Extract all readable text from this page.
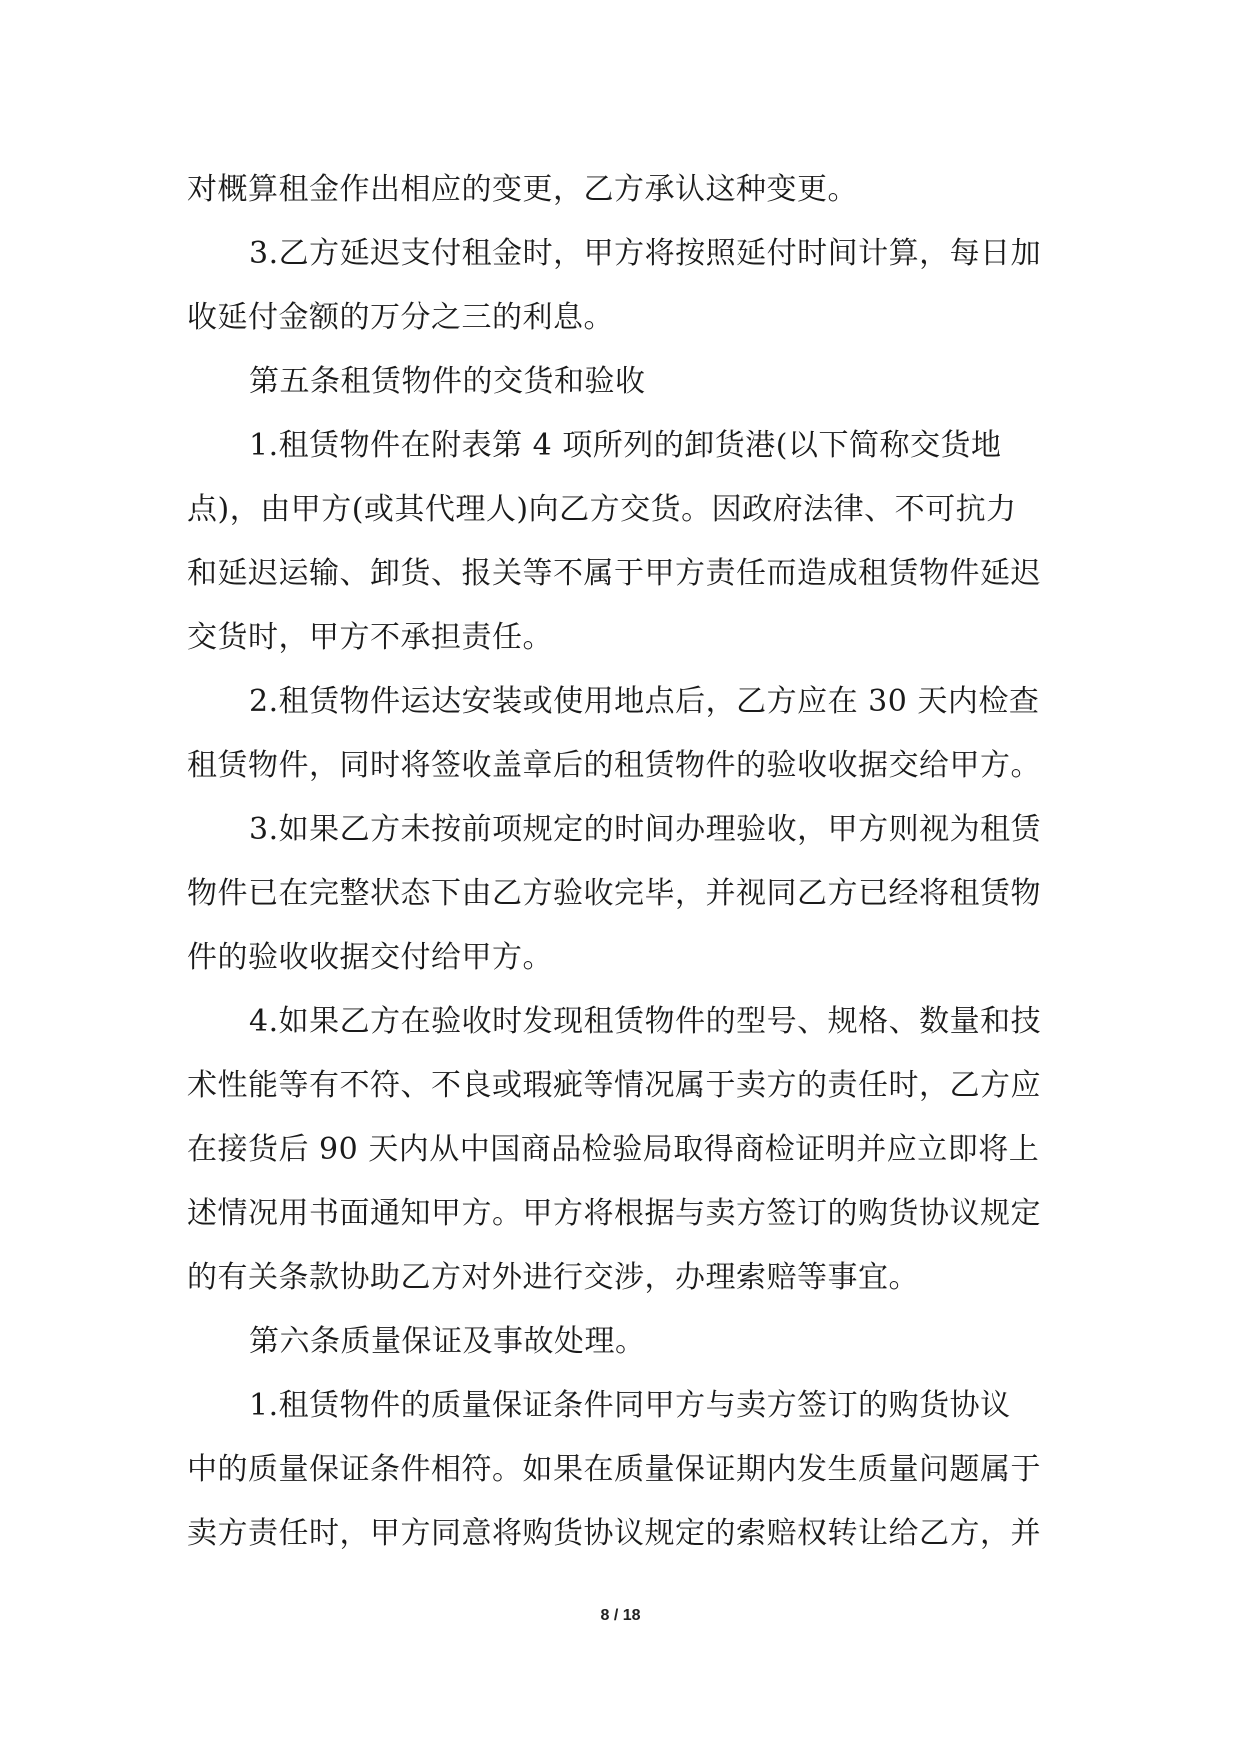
对概算租金作出相应的变更，乙方承认这种变更。
3.乙方延迟支付租金时，甲方将按照延付时间计算，每日加
收延付金额的万分之三的利息。
第五条租赁物件的交货和验收
1.租赁物件在附表第 4 项所列的卸货港(以下简称交货地
点)，由甲方(或其代理人)向乙方交货。因政府法律、不可抗力
和延迟运输、卸货、报关等不属于甲方责任而造成租赁物件延迟
交货时，甲方不承担责任。
2.租赁物件运达安装或使用地点后，乙方应在 30 天内检查
租赁物件，同时将签收盖章后的租赁物件的验收收据交给甲方。
3.如果乙方未按前项规定的时间办理验收，甲方则视为租赁
物件已在完整状态下由乙方验收完毕，并视同乙方已经将租赁物
件的验收收据交付给甲方。
4.如果乙方在验收时发现租赁物件的型号、规格、数量和技
术性能等有不符、不良或瑕疵等情况属于卖方的责任时，乙方应
在接货后 90 天内从中国商品检验局取得商检证明并应立即将上
述情况用书面通知甲方。甲方将根据与卖方签订的购货协议规定
的有关条款协助乙方对外进行交涉，办理索赔等事宜。
第六条质量保证及事故处理。
1.租赁物件的质量保证条件同甲方与卖方签订的购货协议
中的质量保证条件相符。如果在质量保证期内发生质量问题属于
卖方责任时，甲方同意将购货协议规定的索赔权转让给乙方，并
8 / 18
